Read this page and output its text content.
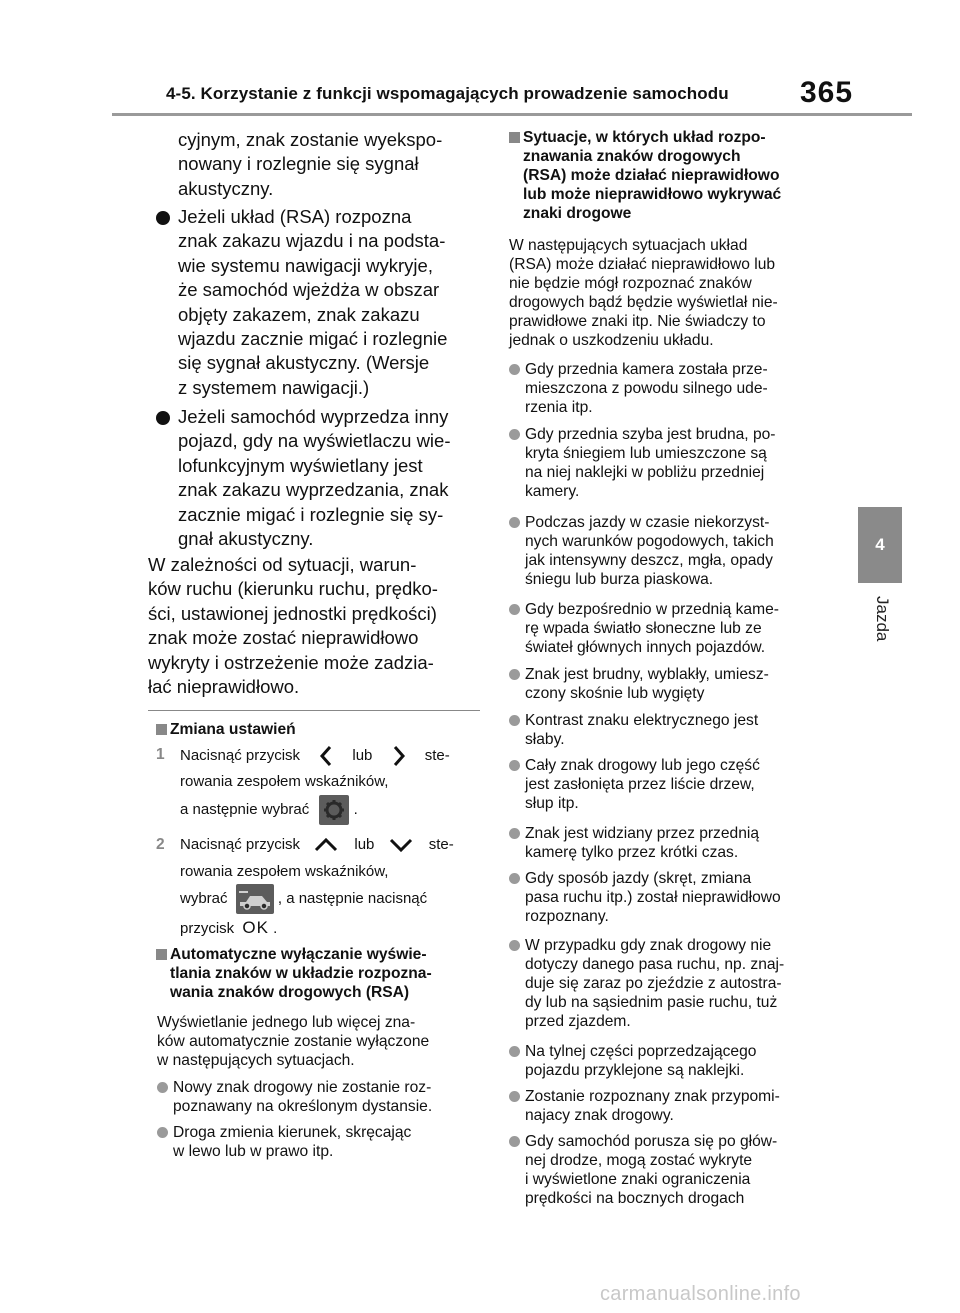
4-5. Korzystanie z funkcji wspomagających prowadzenie samochodu	365
4
Jazda
cyjnym, znak zostanie wyekspo-
nowany i rozlegnie się sygnał
akustyczny.
Jeżeli układ (RSA) rozpozna
znak zakazu wjazdu i na podsta-
wie systemu nawigacji wykryje,
że samochód wjeżdża w obszar
objęty zakazem, znak zakazu
wjazdu zacznie migać i rozlegnie
się sygnał akustyczny. (Wersje
z systemem nawigacji.)
Jeżeli samochód wyprzedza inny
pojazd, gdy na wyświetlaczu wie-
lofunkcyjnym wyświetlany jest
znak zakazu wyprzedzania, znak
zacznie migać i rozlegnie się sy-
gnał akustyczny.
W zależności od sytuacji, warun-
ków ruchu (kierunku ruchu, prędko-
ści, ustawionej jednostki prędkości)
znak może zostać nieprawidłowo
wykryty i ostrzeżenie może zadzia-
łać nieprawidłowo.
Zmiana ustawień
1 Nacisnąć przycisk	lub	ste-
rowania zespołem wskaźników,
a następnie wybrać	.
2 Nacisnąć przycisk	lub	ste-
rowania zespołem wskaźników,
wybrać	, a następnie nacisnąć
przycisk OK .
Automatyczne wyłączanie wyświe-
tlania znaków w układzie rozpozna-
wania znaków drogowych (RSA)
Wyświetlanie jednego lub więcej zna-
ków automatycznie zostanie wyłączone
w następujących sytuacjach.
Nowy znak drogowy nie zostanie roz-
poznawany na określonym dystansie.
Droga zmienia kierunek, skręcając
w lewo lub w prawo itp.
Sytuacje, w których układ rozpo-
znawania znaków drogowych
(RSA) może działać nieprawidłowo
lub może nieprawidłowo wykrywać
znaki drogowe
W następujących sytuacjach układ
(RSA) może działać nieprawidłowo lub
nie będzie mógł rozpoznać znaków
drogowych bądź będzie wyświetlał nie-
prawidłowe znaki itp. Nie świadczy to
jednak o uszkodzeniu układu.
Gdy przednia kamera została prze-
mieszczona z powodu silnego ude-
rzenia itp.
Gdy przednia szyba jest brudna, po-
kryta śniegiem lub umieszczone są
na niej naklejki w pobliżu przedniej
kamery.
Podczas jazdy w czasie niekorzyst-
nych warunków pogodowych, takich
jak intensywny deszcz, mgła, opady
śniegu lub burza piaskowa.
Gdy bezpośrednio w przednią kame-
rę wpada światło słoneczne lub ze
świateł głównych innych pojazdów.
Znak jest brudny, wyblakły, umiesz-
czony skośnie lub wygięty
Kontrast znaku elektrycznego jest
słaby.
Cały znak drogowy lub jego część
jest zasłonięta przez liście drzew,
słup itp.
Znak jest widziany przez przednią
kamerę tylko przez krótki czas.
Gdy sposób jazdy (skręt, zmiana
pasa ruchu itp.) został nieprawidłowo
rozpoznany.
W przypadku gdy znak drogowy nie
dotyczy danego pasa ruchu, np. znaj-
duje się zaraz po zjeździe z autostra-
dy lub na sąsiednim pasie ruchu, tuż
przed zjazdem.
Na tylnej części poprzedzającego
pojazdu przyklejone są naklejki.
Zostanie rozpoznany znak przypomi-
najacy znak drogowy.
Gdy samochód porusza się po głów-
nej drodze, mogą zostać wykryte
i wyświetlone znaki ograniczenia
prędkości na bocznych drogach
carmanualsonline.info
